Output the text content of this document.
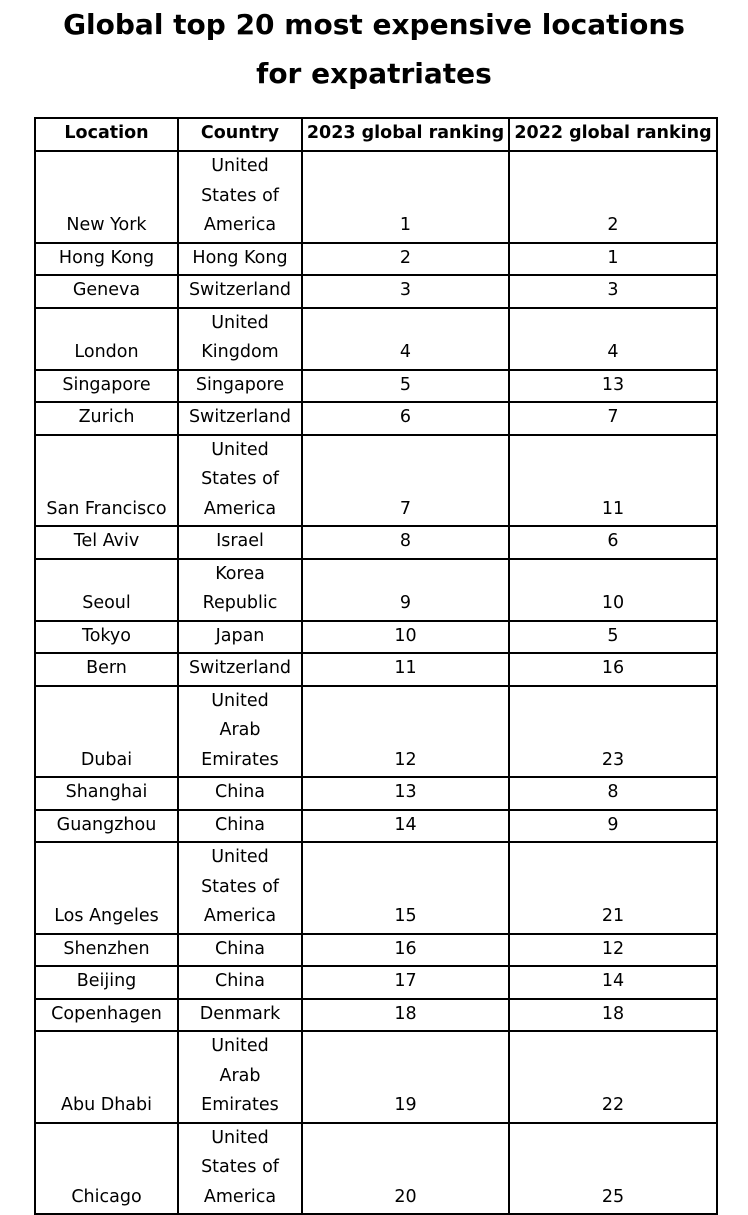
Global top 20 most expensive locations
for expatriates
Location	Country	2023 global ranking	2022 global ranking
New York	United
States of
America	1	2
Hong Kong	Hong Kong	2	1
Geneva	Switzerland	3	3
London	United
Kingdom	4	4
Singapore	Singapore	5	13
Zurich	Switzerland	6	7
San Francisco	United
States of
America	7	11
Tel Aviv	Israel	8	6
Seoul	Korea
Republic	9	10
Tokyo	Japan	10	5
Bern	Switzerland	11	16
Dubai	United
Arab
Emirates	12	23
Shanghai	China	13	8
Guangzhou	China	14	9
Los Angeles	United
States of
America	15	21
Shenzhen	China	16	12
Beijing	China	17	14
Copenhagen	Denmark	18	18
Abu Dhabi	United
Arab
Emirates	19	22
Chicago	United
States of
America	20	25
